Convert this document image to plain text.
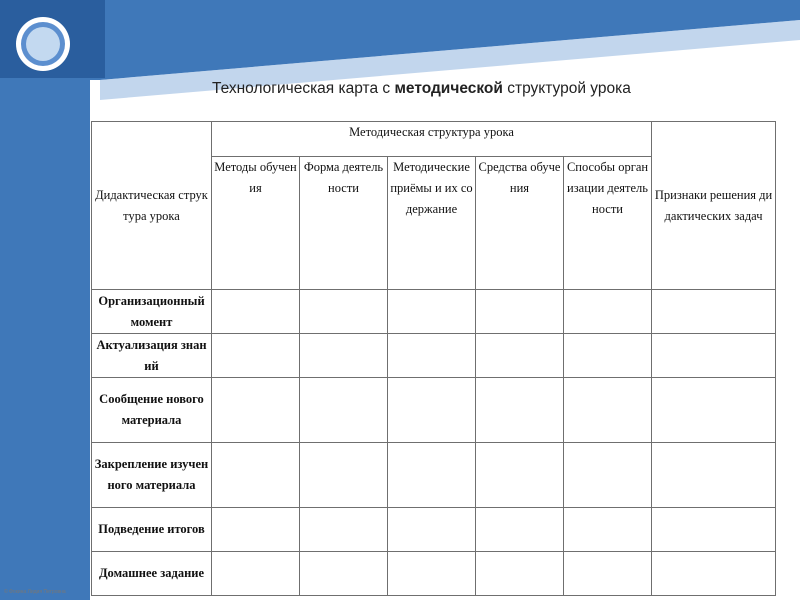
Технологическая карта с методической структурой урока
Дидактическая структура урока	Методическая структура урока					Признаки решения дидактических задач
	Методы обучения	Форма деятельности	Методические приёмы и их содержание	Средства обучения	Способы организации деятельности	
Организационный момент						
Актуализация знаний						
Сообщение нового материала						
Закрепление изученного материала						
Подведение итогов						
Домашнее задание						
© Фокина Лидия Петровна
